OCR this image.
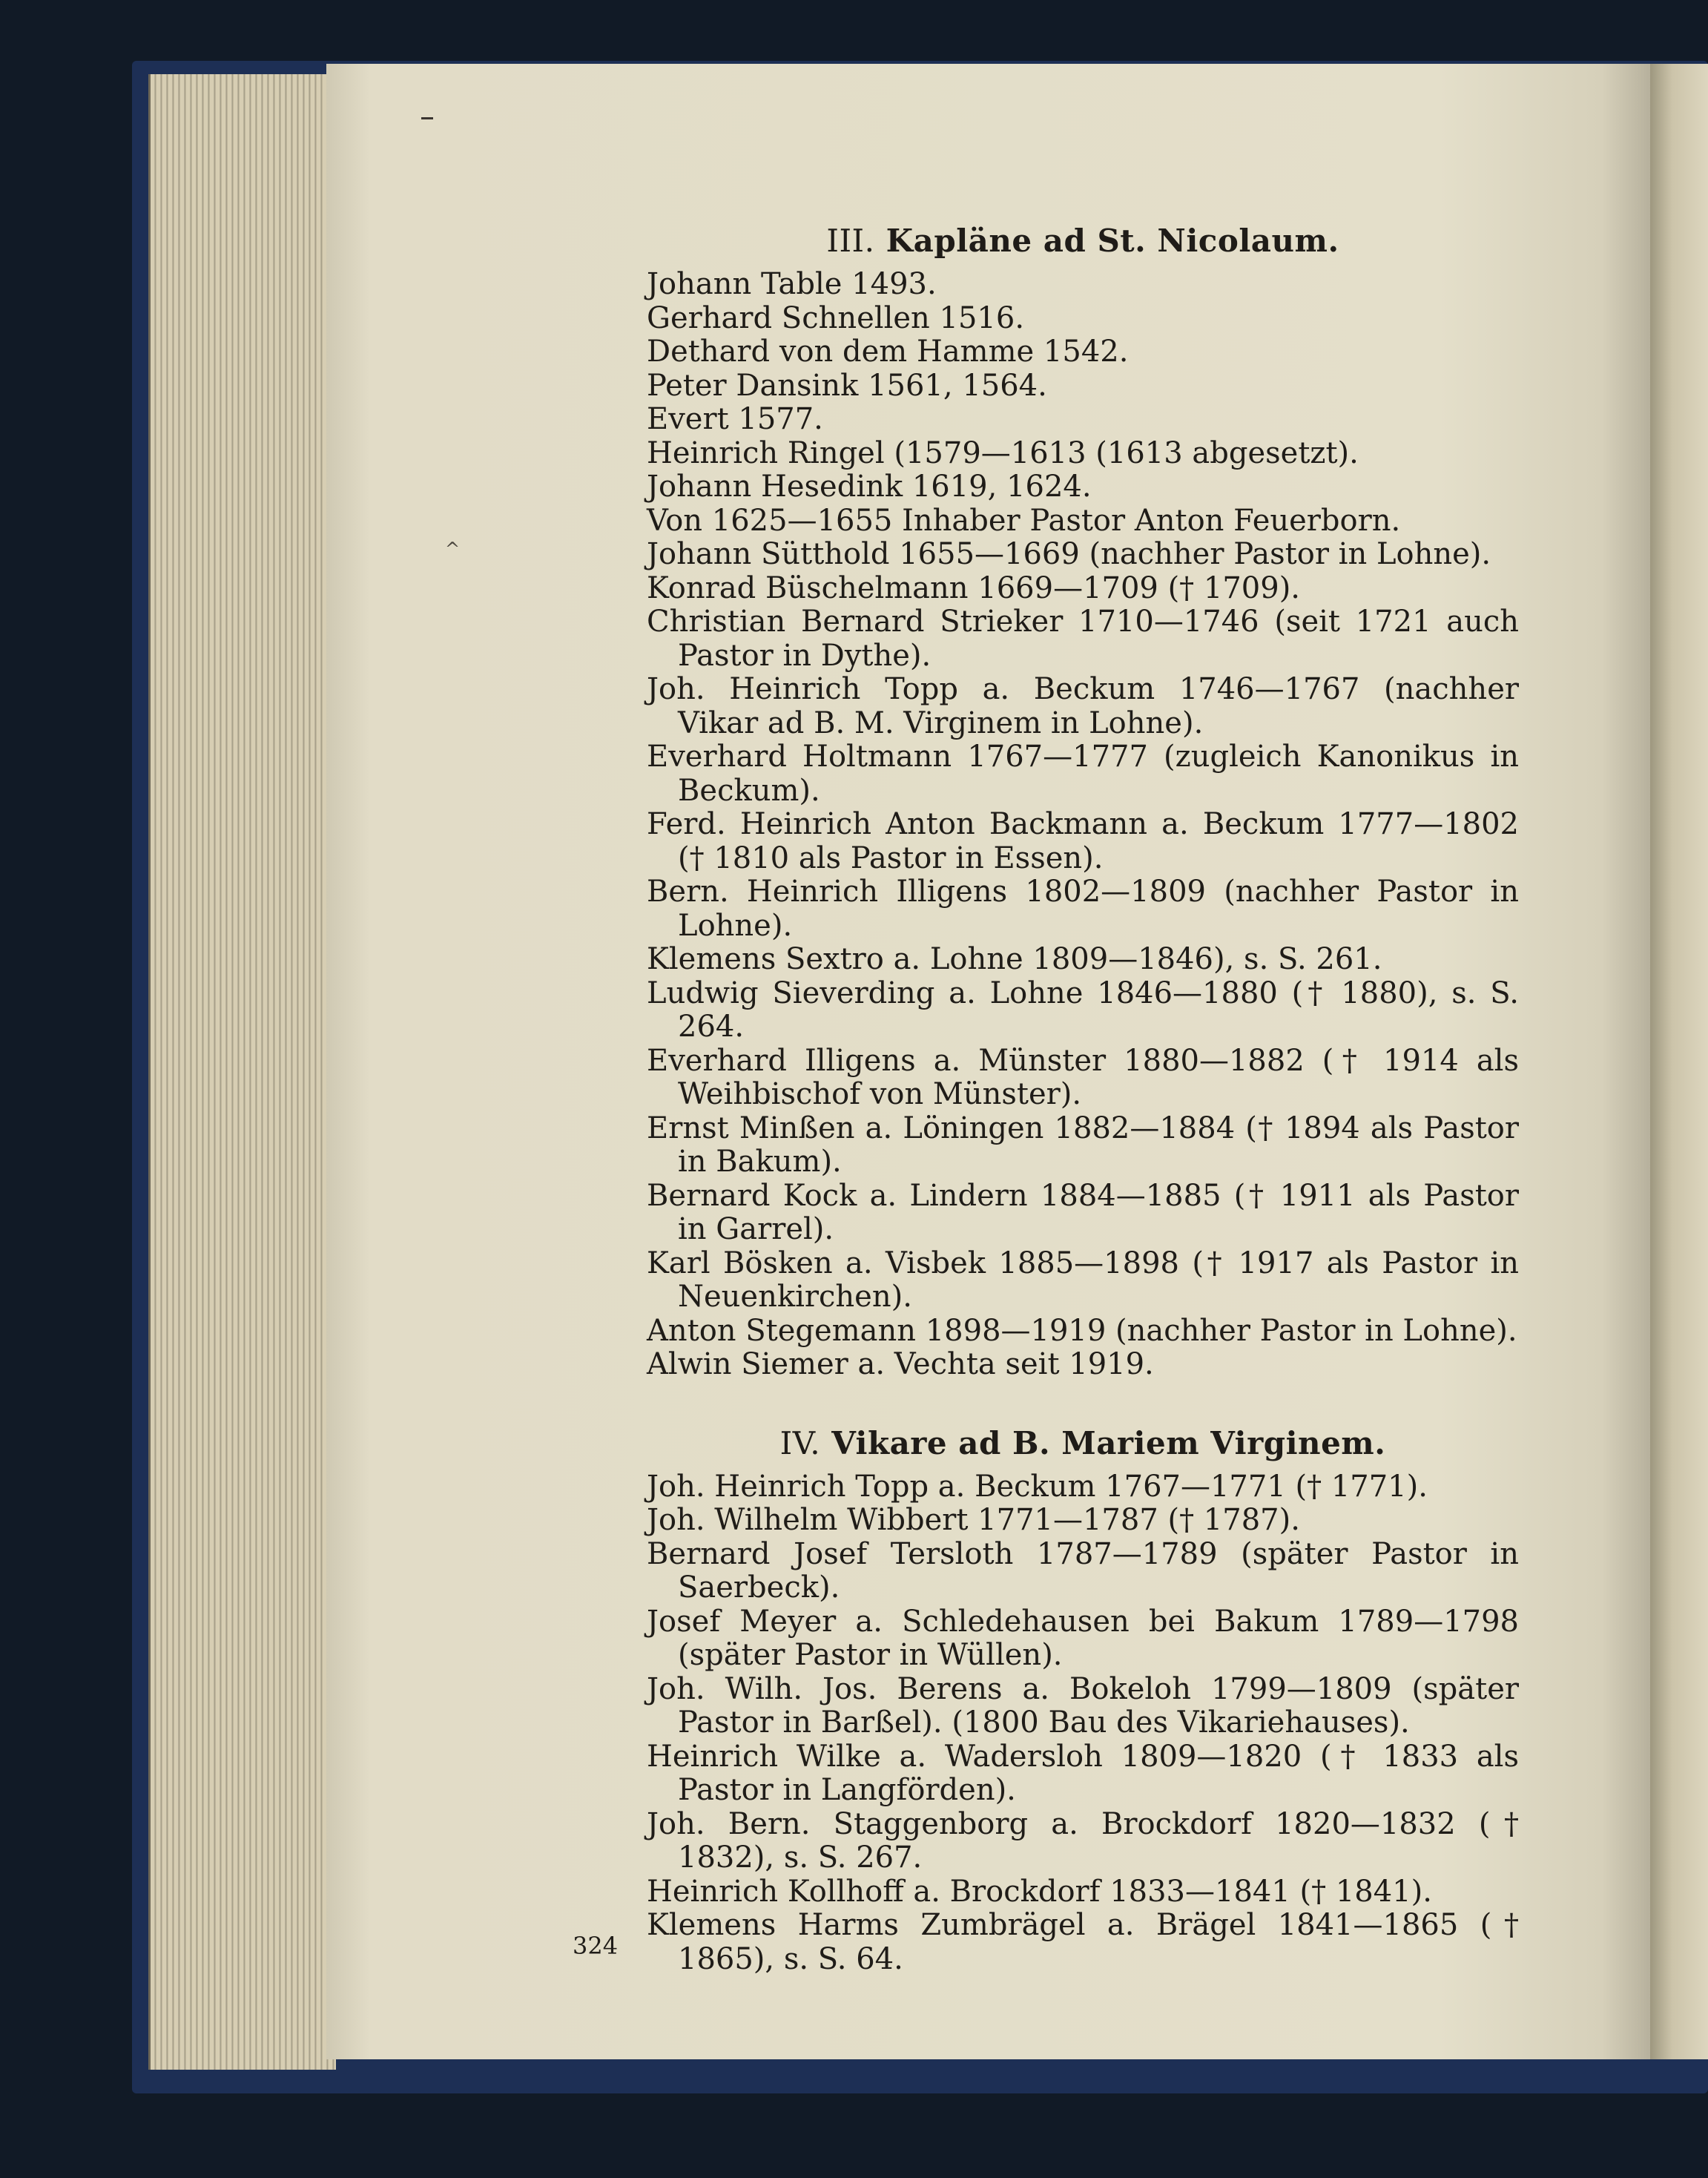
^
III. Kapläne ad St. Nicolaum.
Johann Table 1493.
Gerhard Schnellen 1516.
Dethard von dem Hamme 1542.
Peter Dansink 1561, 1564.
Evert 1577.
Heinrich Ringel (1579—1613 (1613 abgesetzt).
Johann Hesedink 1619, 1624.
Von 1625—1655 Inhaber Pastor Anton Feuerborn.
Johann Sütthold 1655—1669 (nachher Pastor in Lohne).
Konrad Büschelmann 1669—1709 († 1709).
Christian Bernard Strieker 1710—1746 (seit 1721 auch Pastor in Dythe).
Joh. Heinrich Topp a. Beckum 1746—1767 (nachher Vikar ad B. M. Virginem in Lohne).
Everhard Holtmann 1767—1777 (zugleich Kanonikus in Beckum).
Ferd. Heinrich Anton Backmann a. Beckum 1777—1802 († 1810 als Pastor in Essen).
Bern. Heinrich Illigens 1802—1809 (nachher Pastor in Lohne).
Klemens Sextro a. Lohne 1809—1846), s. S. 261.
Ludwig Sieverding a. Lohne 1846—1880 († 1880), s. S. 264.
Everhard Illigens a. Münster 1880—1882 († 1914 als Weihbischof von Münster).
Ernst Minßen a. Löningen 1882—1884 († 1894 als Pastor in Bakum).
Bernard Kock a. Lindern 1884—1885 († 1911 als Pastor in Garrel).
Karl Bösken a. Visbek 1885—1898 († 1917 als Pastor in Neuenkirchen).
Anton Stegemann 1898—1919 (nachher Pastor in Lohne).
Alwin Siemer a. Vechta seit 1919.
IV. Vikare ad B. Mariem Virginem.
Joh. Heinrich Topp a. Beckum 1767—1771 († 1771).
Joh. Wilhelm Wibbert 1771—1787 († 1787).
Bernard Josef Tersloth 1787—1789 (später Pastor in Saerbeck).
Josef Meyer a. Schledehausen bei Bakum 1789—1798 (später Pastor in Wüllen).
Joh. Wilh. Jos. Berens a. Bokeloh 1799—1809 (später Pastor in Barßel). (1800 Bau des Vikariehauses).
Heinrich Wilke a. Wadersloh 1809—1820 († 1833 als Pastor in Langförden).
Joh. Bern. Staggenborg a. Brockdorf 1820—1832 († 1832), s. S. 267.
Heinrich Kollhoff a. Brockdorf 1833—1841 († 1841).
Klemens Harms Zumbrägel a. Brägel 1841—1865 († 1865), s. S. 64.
324
